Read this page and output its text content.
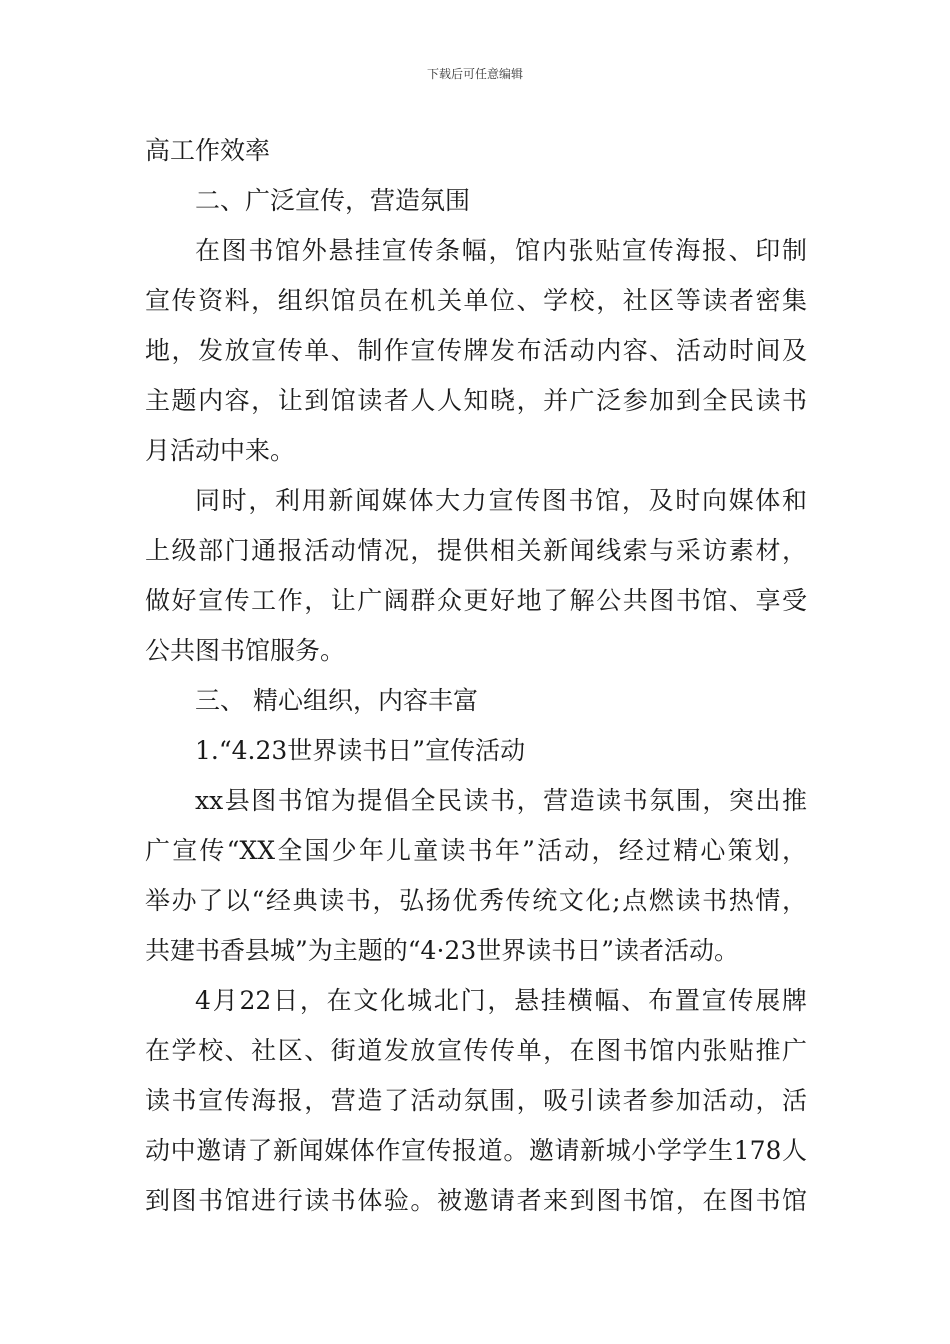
下载后可任意编辑
高工作效率
二、广泛宣传，营造氛围
在图书馆外悬挂宣传条幅，馆内张贴宣传海报、印制
宣传资料，组织馆员在机关单位、学校，社区等读者密集
地，发放宣传单、制作宣传牌发布活动内容、活动时间及
主题内容，让到馆读者人人知晓，并广泛参加到全民读书
月活动中来。
同时，利用新闻媒体大力宣传图书馆，及时向媒体和
上级部门通报活动情况，提供相关新闻线索与采访素材，
做好宣传工作，让广阔群众更好地了解公共图书馆、享受
公共图书馆服务。
三、 精心组织，内容丰富
1.“4.23世界读书日”宣传活动
xx县图书馆为提倡全民读书，营造读书氛围，突出推
广宣传“XX全国少年儿童读书年”活动，经过精心策划，
举办了以“经典读书，弘扬优秀传统文化;点燃读书热情，
共建书香县城”为主题的“4·23世界读书日”读者活动。
4月22日，在文化城北门，悬挂横幅、布置宣传展牌
在学校、社区、街道发放宣传传单，在图书馆内张贴推广
读书宣传海报，营造了活动氛围，吸引读者参加活动，活
动中邀请了新闻媒体作宣传报道。邀请新城小学学生178人
到图书馆进行读书体验。被邀请者来到图书馆，在图书馆
